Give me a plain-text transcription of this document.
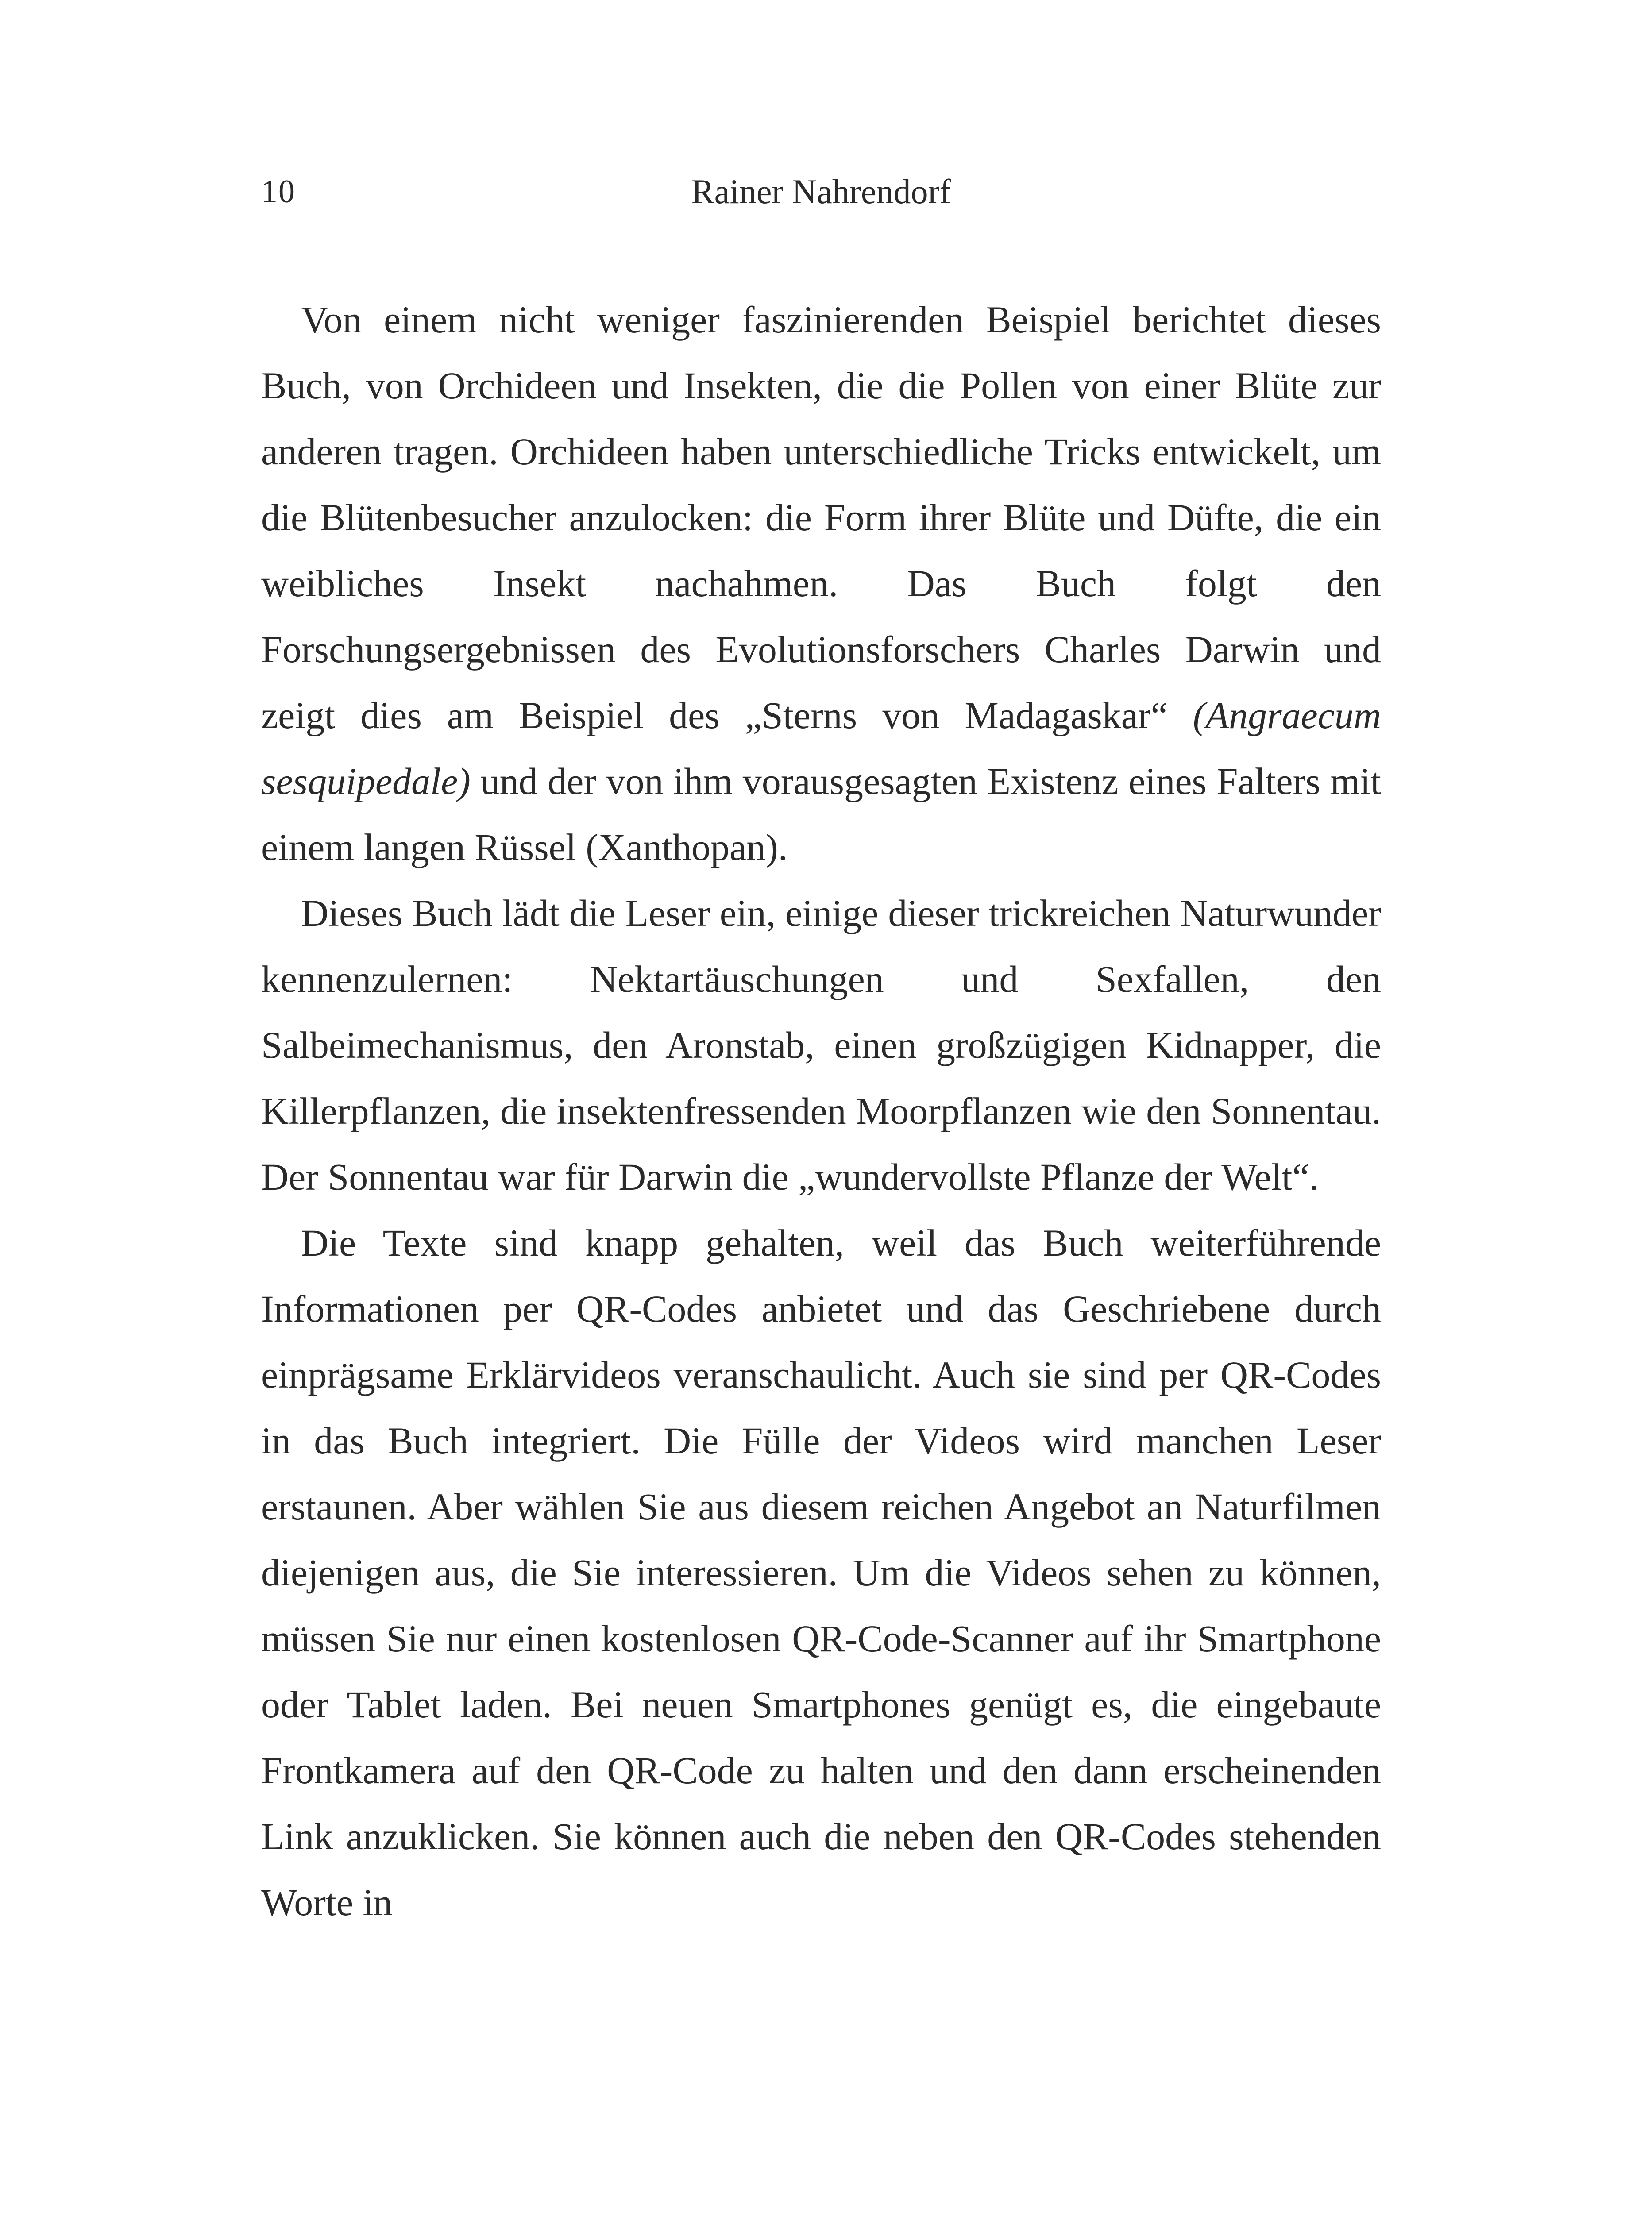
10	Rainer Nahrendorf

Von einem nicht weniger faszinierenden Beispiel berichtet dieses Buch, von Orchideen und Insekten, die die Pollen von einer Blüte zur anderen tragen. Orchideen haben unterschiedliche Tricks entwickelt, um die Blütenbesucher anzulocken: die Form ihrer Blüte und Düfte, die ein weibliches Insekt nachahmen. Das Buch folgt den Forschungsergebnissen des Evolutionsforschers Charles Darwin und zeigt dies am Beispiel des „Sterns von Madagaskar“ (Angraecum sesquipedale) und der von ihm vorausgesagten Existenz eines Falters mit einem langen Rüssel (Xanthopan).

Dieses Buch lädt die Leser ein, einige dieser trickreichen Naturwunder kennenzulernen: Nektartäuschungen und Sexfallen, den Salbeimechanismus, den Aronstab, einen großzügigen Kidnapper, die Killerpflanzen, die insektenfressenden Moorpflanzen wie den Sonnentau. Der Sonnentau war für Darwin die „wundervollste Pflanze der Welt“.

Die Texte sind knapp gehalten, weil das Buch weiterführende Informationen per QR-Codes anbietet und das Geschriebene durch einprägsame Erklärvideos veranschaulicht. Auch sie sind per QR-Codes in das Buch integriert. Die Fülle der Videos wird manchen Leser erstaunen. Aber wählen Sie aus diesem reichen Angebot an Naturfilmen diejenigen aus, die Sie interessieren. Um die Videos sehen zu können, müssen Sie nur einen kostenlosen QR-Code-Scanner auf ihr Smartphone oder Tablet laden. Bei neuen Smartphones genügt es, die eingebaute Frontkamera auf den QR-Code zu halten und den dann erscheinenden Link anzuklicken. Sie können auch die neben den QR-Codes stehenden Worte in
